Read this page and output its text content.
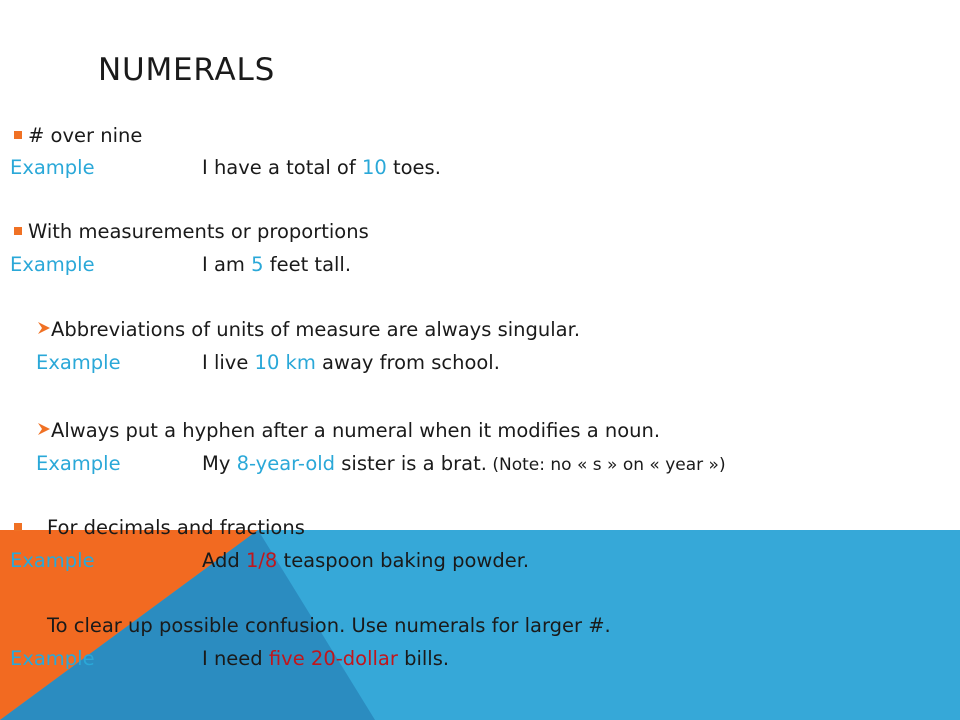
NUMERALS
# over nine
Example	I have a total of 10 toes.
With measurements or proportions
Example	I am 5 feet tall.
Abbreviations of units of measure are always singular.
Example	I live 10 km away from school.
Always put a hyphen after a numeral when it modifies a noun.
Example	My 8-year-old sister is a brat. (Note: no « s » on « year »)
For decimals and fractions
Example	Add 1/8 teaspoon baking powder.
To clear up possible confusion. Use numerals for larger #.
Example	I need five 20-dollar bills.
